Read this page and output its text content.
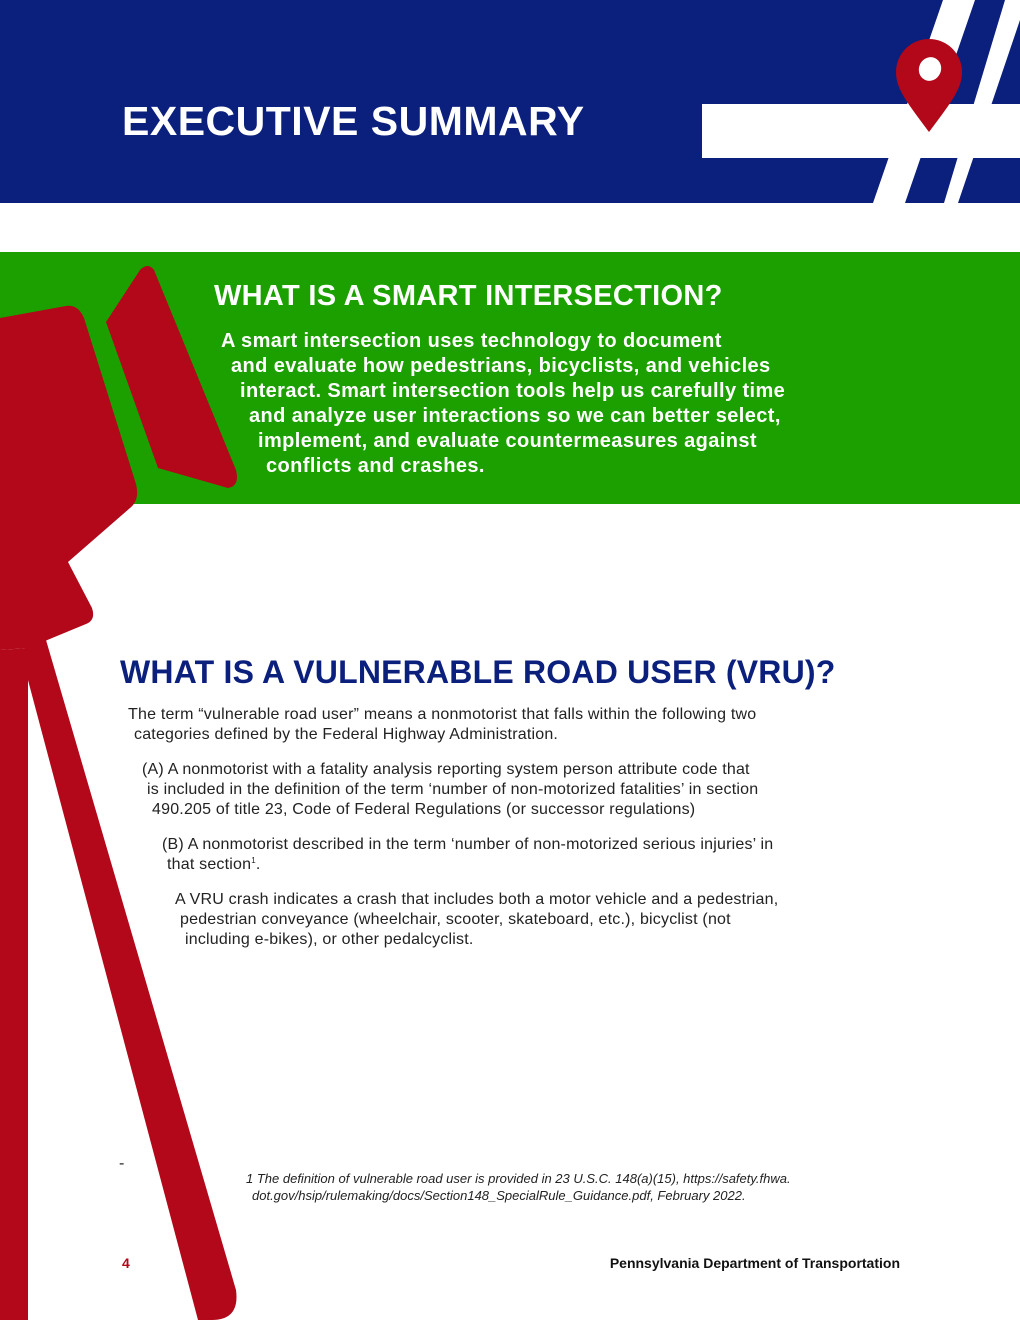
EXECUTIVE SUMMARY
WHAT IS A SMART INTERSECTION?

A smart intersection uses technology to document

and evaluate how pedestrians, bicyclists, and vehicles

interact. Smart intersection tools help us carefully time

and analyze user interactions so we can better select,

implement, and evaluate countermeasures against

conflicts and crashes.

WHAT IS A VULNERABLE ROAD USER (VRU)?

The term “vulnerable road user” means a nonmotorist that falls within the following two

categories defined by the Federal Highway Administration.

(A) A nonmotorist with a fatality analysis reporting system person attribute code that

is included in the definition of the term ‘number of non-motorized fatalities’ in section

490.205 of title 23, Code of Federal Regulations (or successor regulations)

(B) A nonmotorist described in the term ‘number of non-motorized serious injuries’ in

that section$^1$.

A VRU crash indicates a crash that includes both a motor vehicle and a pedestrian,

pedestrian conveyance (wheelchair, scooter, skateboard, etc.), bicyclist (not

including e-bikes), or other pedalcyclist.

-

1 The definition of vulnerable road user is provided in 23 U.S.C. 148(a)(15), https://safety.fhwa.

dot.gov/hsip/rulemaking/docs/Section148_SpecialRule_Guidance.pdf, February 2022.

4	Pennsylvania Department of Transportation
